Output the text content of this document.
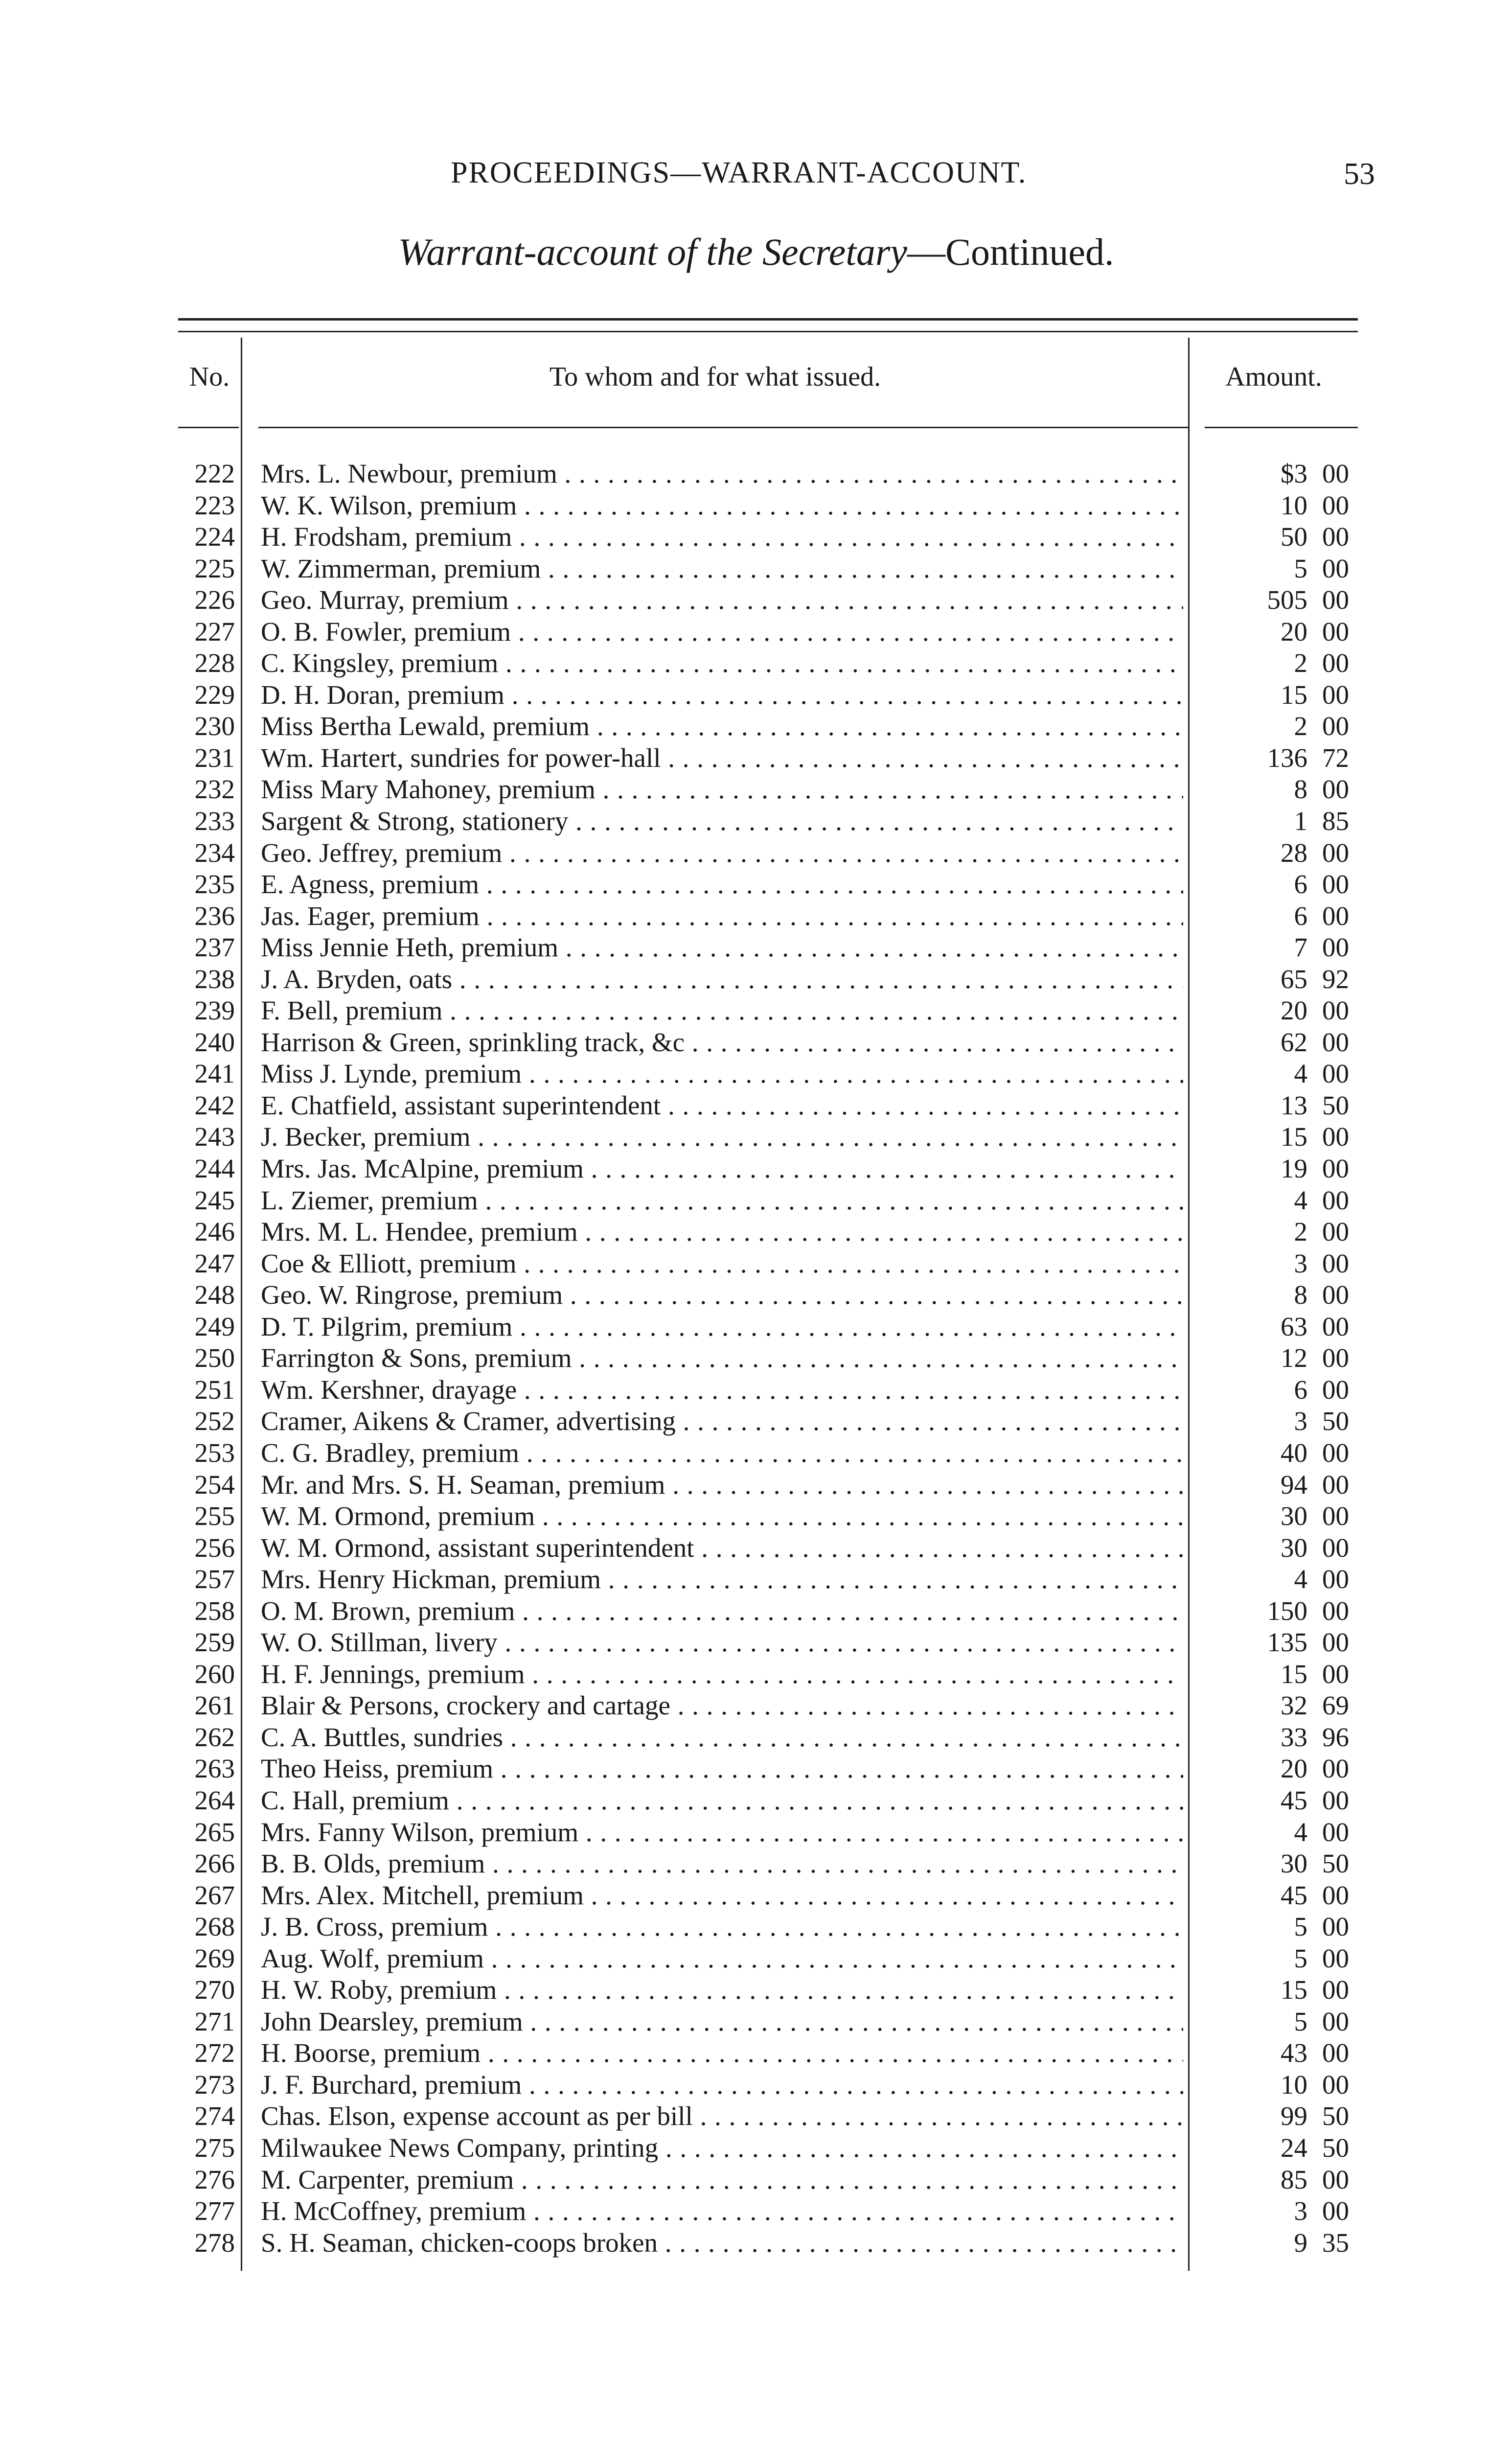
PROCEEDINGS—WARRANT-ACCOUNT.	53
Warrant-account of the Secretary—Continued.
No.	To whom and for what issued.	Amount.
222 Mrs. L. Newbour, premium . . .	$3 00
223 W. K. Wilson, premium . . .	10 00
224 H. Frodsham, premium . . .	50 00
225 W. Zimmerman, premium . . .	5 00
226 Geo. Murray, premium . . .	505 00
227 O. B. Fowler, premium . . .	20 00
228 C. Kingsley, premium . . .	2 00
229 D. H. Doran, premium . . .	15 00
230 Miss Bertha Lewald, premium . . .	2 00
231 Wm. Hartert, sundries for power-hall . . .	136 72
232 Miss Mary Mahoney, premium . . .	8 00
233 Sargent & Strong, stationery . . .	1 85
234 Geo. Jeffrey, premium . . .	28 00
235 E. Agness, premium . . .	6 00
236 Jas. Eager, premium . . .	6 00
237 Miss Jennie Heth, premium . . .	7 00
238 J. A. Bryden, oats . . .	65 92
239 F. Bell, premium . . .	20 00
240 Harrison & Green, sprinkling track, &c . . .	62 00
241 Miss J. Lynde, premium . . .	4 00
242 E. Chatfield, assistant superintendent . . .	13 50
243 J. Becker, premium . . .	15 00
244 Mrs. Jas. McAlpine, premium . . .	19 00
245 L. Ziemer, premium . . .	4 00
246 Mrs. M. L. Hendee, premium . . .	2 00
247 Coe & Elliott, premium . . .	3 00
248 Geo. W. Ringrose, premium . . .	8 00
249 D. T. Pilgrim, premium . . .	63 00
250 Farrington & Sons, premium . . .	12 00
251 Wm. Kershner, drayage . . .	6 00
252 Cramer, Aikens & Cramer, advertising . . .	3 50
253 C. G. Bradley, premium . . .	40 00
254 Mr. and Mrs. S. H. Seaman, premium . . .	94 00
255 W. M. Ormond, premium . . .	30 00
256 W. M. Ormond, assistant superintendent . . .	30 00
257 Mrs. Henry Hickman, premium . . .	4 00
258 O. M. Brown, premium . . .	150 00
259 W. O. Stillman, livery . . .	135 00
260 H. F. Jennings, premium . . .	15 00
261 Blair & Persons, crockery and cartage . . .	32 69
262 C. A. Buttles, sundries . . .	33 96
263 Theo Heiss, premium . . .	20 00
264 C. Hall, premium . . .	45 00
265 Mrs. Fanny Wilson, premium . . .	4 00
266 B. B. Olds, premium . . .	30 50
267 Mrs. Alex. Mitchell, premium . . .	45 00
268 J. B. Cross, premium . . .	5 00
269 Aug. Wolf, premium . . .	5 00
270 H. W. Roby, premium . . .	15 00
271 John Dearsley, premium . . .	5 00
272 H. Boorse, premium . . .	43 00
273 J. F. Burchard, premium . . .	10 00
274 Chas. Elson, expense account as per bill . . .	99 50
275 Milwaukee News Company, printing . . .	24 50
276 M. Carpenter, premium . . .	85 00
277 H. McCoffney, premium . . .	3 00
278 S. H. Seaman, chicken-coops broken . . .	9 35
